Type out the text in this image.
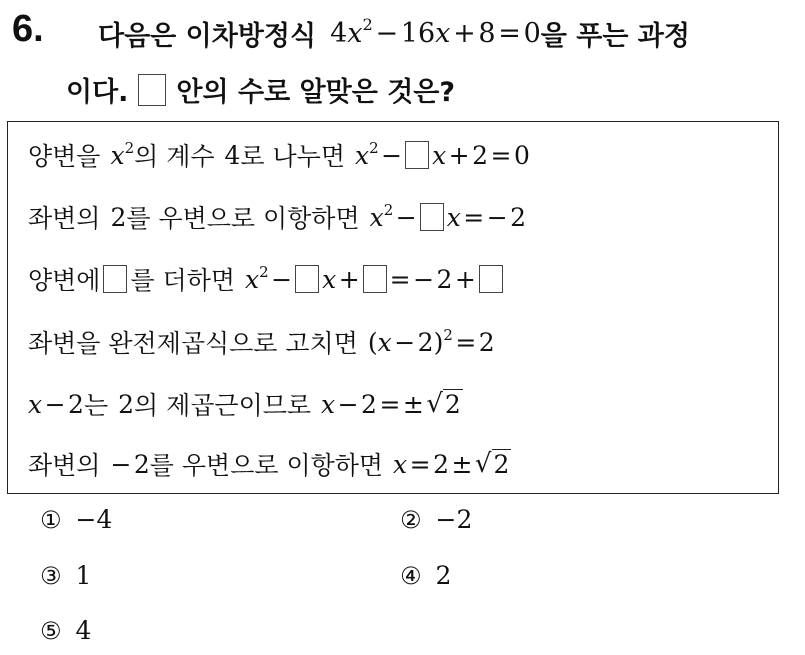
6. 다음은 이차방정식 $4x^2$ − 16x + 8 = 0 을 푸는 과정
이다. 안의 수로 알맞은 것은?
양변을 $x^2$ 의 계수 4 로 나누면 $x^2$ − x + 2 = 0
좌변의 2 를 우변으로 이항하면 $x^2$ − x = − 2
양변에 를 더하면 $x^2$ − x + = − 2 +
좌변을 완전제곱식으로 고치면 (x − 2)$^2$ = 2
x − 2 는 2 의 제곱근이므로 x − 2 = ±  √ 2
좌변의 − 2 를 우변으로 이항하면 x = 2 ±  √ 2
① −4	② −2
③ 1	④ 2
⑤ 4
